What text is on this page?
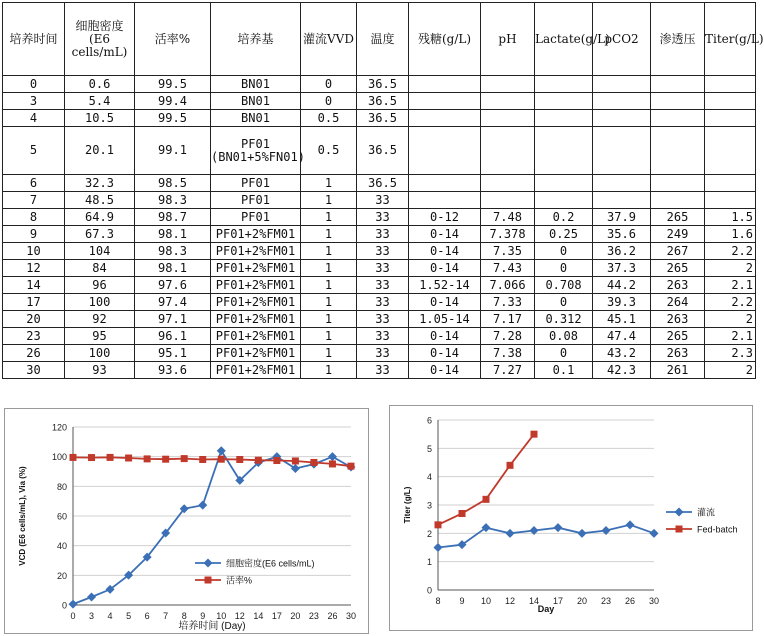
培养时间	细胞密度(E6 cells/mL)	活率%	培养基	灌流VVD	温度	残糖(g/L)	pH	Lactate(g/L)	pCO2	渗透压	Titer(g/L)
0	0.6	99.5	BN01	0	36.5						
3	5.4	99.4	BN01	0	36.5						
4	10.5	99.5	BN01	0.5	36.5						
5	20.1	99.1	PF01 (BN01+5%FN01)	0.5	36.5						
6	32.3	98.5	PF01	1	36.5						
7	48.5	98.3	PF01	1	33						
8	64.9	98.7	PF01	1	33	0-12	7.48	0.2	37.9	265	1.5
9	67.3	98.1	PF01+2%FM01	1	33	0-14	7.378	0.25	35.6	249	1.6
10	104	98.3	PF01+2%FM01	1	33	0-14	7.35	0	36.2	267	2.2
12	84	98.1	PF01+2%FM01	1	33	0-14	7.43	0	37.3	265	2
14	96	97.6	PF01+2%FM01	1	33	1.52-14	7.066	0.708	44.2	263	2.1
17	100	97.4	PF01+2%FM01	1	33	0-14	7.33	0	39.3	264	2.2
20	92	97.1	PF01+2%FM01	1	33	1.05-14	7.17	0.312	45.1	263	2
23	95	96.1	PF01+2%FM01	1	33	0-14	7.28	0.08	47.4	265	2.1
26	100	95.1	PF01+2%FM01	1	33	0-14	7.38	0	43.2	263	2.3
30	93	93.6	PF01+2%FM01	1	33	0-14	7.27	0.1	42.3	261	2
0
20
40
60
80
100
120
0 3 4 5 6 7 8 9 10 12 14 17 20 23 26 30
VCD (E6 cells/mL), Via (%)
培养时间 (Day)
细胞密度(E6 cells/mL)
活率%
0
1
2
3
4
5
6
8 9 10 12 14 17 20 23 26 30
Titer (g/L)
Day
灌流
Fed-batch
